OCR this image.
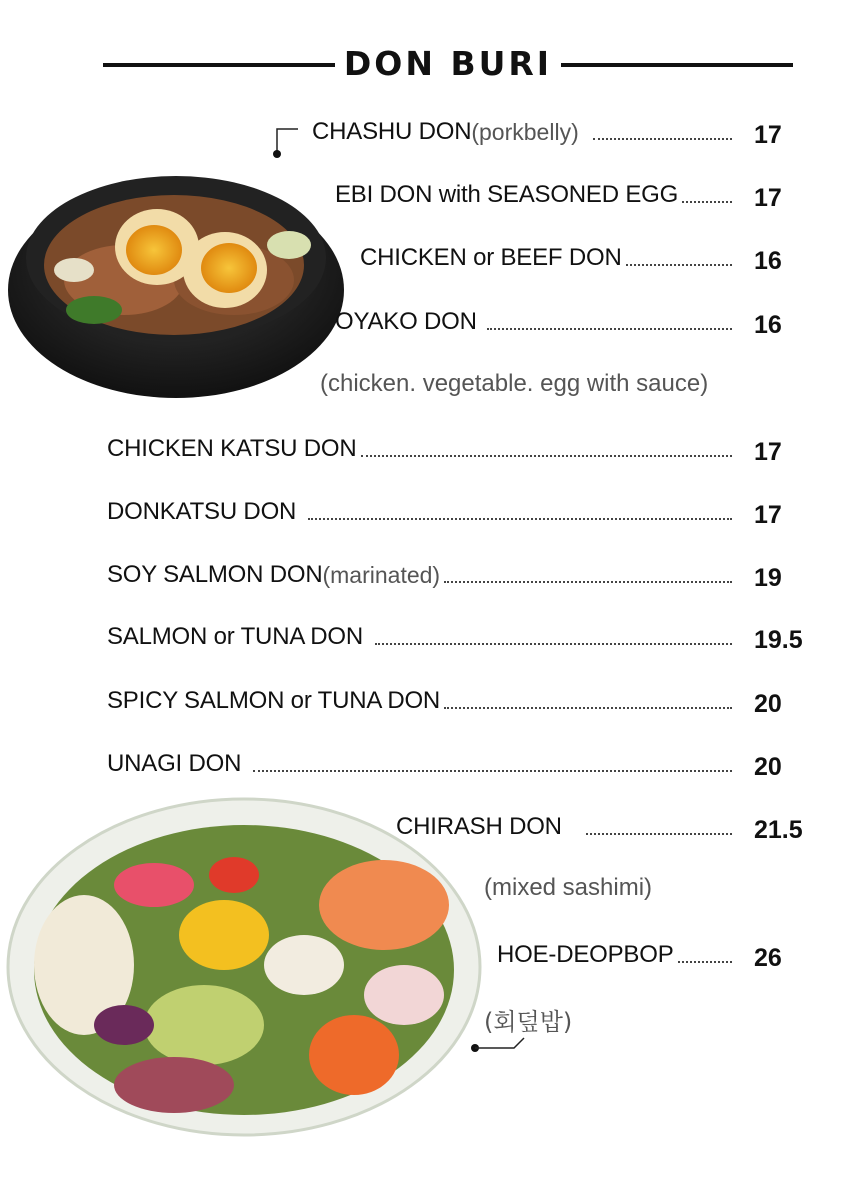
DON BURI
CHASHU DON (porkbelly)	17
EBI DON with SEASONED EGG	17
CHICKEN or BEEF DON	16
OYAKO DON	16
(chicken. vegetable. egg with sauce)
CHICKEN KATSU DON	17
DONKATSU DON	17
SOY SALMON DON (marinated)	19
SALMON or TUNA DON	19.5
SPICY SALMON or TUNA DON	20
UNAGI DON	20
CHIRASH DON	21.5
(mixed sashimi)
HOE-DEOPBOP	26
(회덮밥)
